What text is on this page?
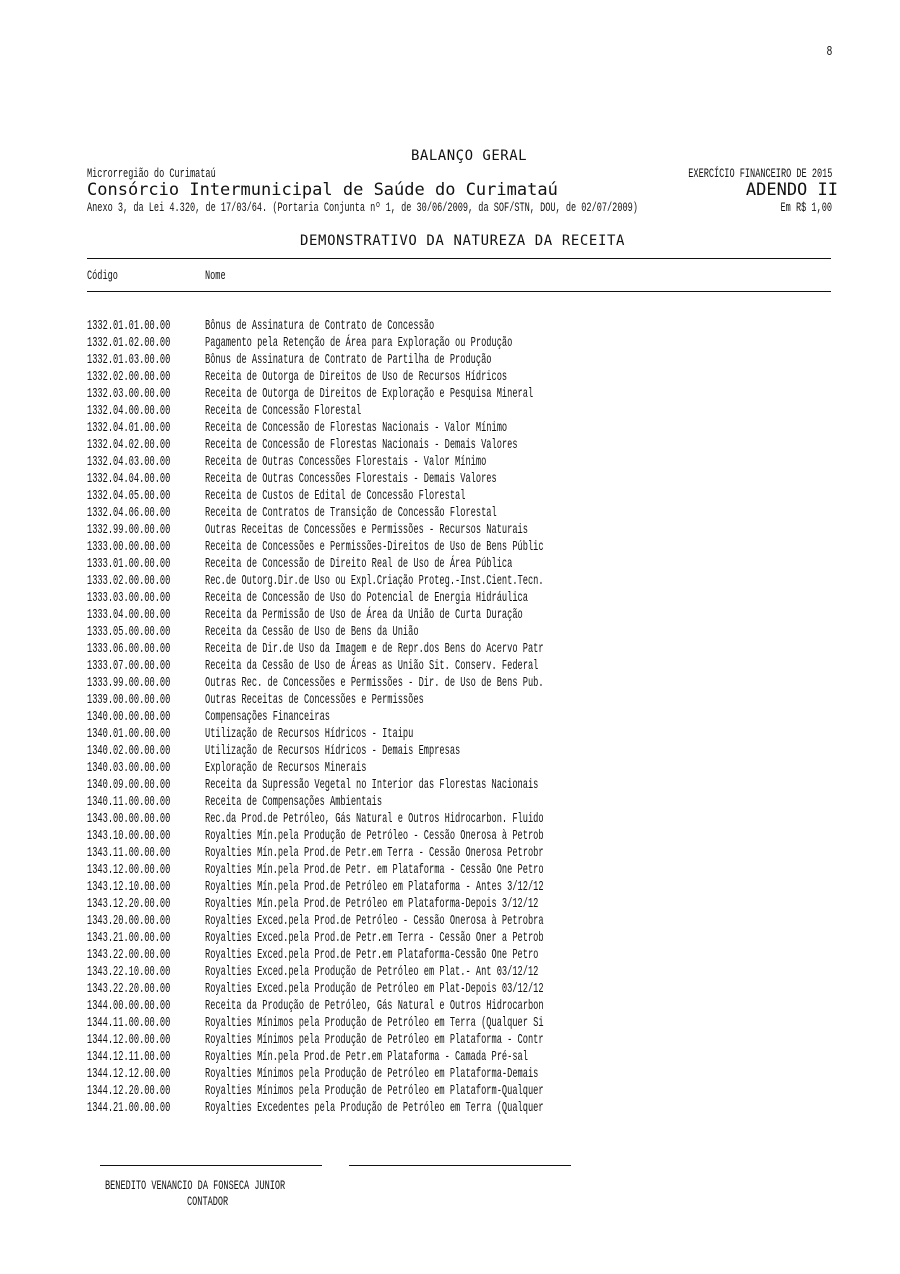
8
BALANÇO GERAL
Microrregião do Curimataú	EXERCÍCIO FINANCEIRO DE 2015
Consórcio Intermunicipal de Saúde do Curimataú	ADENDO II
Anexo 3, da Lei 4.320, de 17/03/64. (Portaria Conjunta nº 1, de 30/06/2009, da SOF/STN, DOU, de 02/07/2009)	Em R$ 1,00
DEMONSTRATIVO DA NATUREZA DA RECEITA
Código	Nome
1332.01.01.00.00 Bônus de Assinatura de Contrato de Concessão
1332.01.02.00.00 Pagamento pela Retenção de Área para Exploração ou Produção
1332.01.03.00.00 Bônus de Assinatura de Contrato de Partilha de Produção
1332.02.00.00.00 Receita de Outorga de Direitos de Uso de Recursos Hídricos
1332.03.00.00.00 Receita de Outorga de Direitos de Exploração e Pesquisa Mineral
1332.04.00.00.00 Receita de Concessão Florestal
1332.04.01.00.00 Receita de Concessão de Florestas Nacionais - Valor Mínimo
1332.04.02.00.00 Receita de Concessão de Florestas Nacionais - Demais Valores
1332.04.03.00.00 Receita de Outras Concessões Florestais - Valor Mínimo
1332.04.04.00.00 Receita de Outras Concessões Florestais - Demais Valores
1332.04.05.00.00 Receita de Custos de Edital de Concessão Florestal
1332.04.06.00.00 Receita de Contratos de Transição de Concessão Florestal
1332.99.00.00.00 Outras Receitas de Concessões e Permissões - Recursos Naturais
1333.00.00.00.00 Receita de Concessões e Permissões-Direitos de Uso de Bens Públic
1333.01.00.00.00 Receita de Concessão de Direito Real de Uso de Área Pública
1333.02.00.00.00 Rec.de Outorg.Dir.de Uso ou Expl.Criação Proteg.-Inst.Cient.Tecn.
1333.03.00.00.00 Receita de Concessão de Uso do Potencial de Energia Hidráulica
1333.04.00.00.00 Receita da Permissão de Uso de Área da União de Curta Duração
1333.05.00.00.00 Receita da Cessão de Uso de Bens da União
1333.06.00.00.00 Receita de Dir.de Uso da Imagem e de Repr.dos Bens do Acervo Patr
1333.07.00.00.00 Receita da Cessão de Uso de Áreas as União Sit. Conserv. Federal
1333.99.00.00.00 Outras Rec. de Concessões e Permissões - Dir. de Uso de Bens Pub.
1339.00.00.00.00 Outras Receitas de Concessões e Permissões
1340.00.00.00.00 Compensações Financeiras
1340.01.00.00.00 Utilização de Recursos Hídricos - Itaipu
1340.02.00.00.00 Utilização de Recursos Hídricos - Demais Empresas
1340.03.00.00.00 Exploração de Recursos Minerais
1340.09.00.00.00 Receita da Supressão Vegetal no Interior das Florestas Nacionais
1340.11.00.00.00 Receita de Compensações Ambientais
1343.00.00.00.00 Rec.da Prod.de Petróleo, Gás Natural e Outros Hidrocarbon. Fluido
1343.10.00.00.00 Royalties Mín.pela Produção de Petróleo - Cessão Onerosa à Petrob
1343.11.00.00.00 Royalties Mín.pela Prod.de Petr.em Terra - Cessão Onerosa Petrobr
1343.12.00.00.00 Royalties Mín.pela Prod.de Petr. em Plataforma - Cessão One Petro
1343.12.10.00.00 Royalties Mín.pela Prod.de Petróleo em Plataforma - Antes 3/12/12
1343.12.20.00.00 Royalties Mín.pela Prod.de Petróleo em Plataforma-Depois 3/12/12
1343.20.00.00.00 Royalties Exced.pela Prod.de Petróleo - Cessão Onerosa à Petrobra
1343.21.00.00.00 Royalties Exced.pela Prod.de Petr.em Terra - Cessão Oner a Petrob
1343.22.00.00.00 Royalties Exced.pela Prod.de Petr.em Plataforma-Cessão One Petro
1343.22.10.00.00 Royalties Exced.pela Produção de Petróleo em Plat.- Ant 03/12/12
1343.22.20.00.00 Royalties Exced.pela Produção de Petróleo em Plat-Depois 03/12/12
1344.00.00.00.00 Receita da Produção de Petróleo, Gás Natural e Outros Hidrocarbon
1344.11.00.00.00 Royalties Mínimos pela Produção de Petróleo em Terra (Qualquer Si
1344.12.00.00.00 Royalties Mínimos pela Produção de Petróleo em Plataforma - Contr
1344.12.11.00.00 Royalties Mín.pela Prod.de Petr.em Plataforma - Camada Pré-sal
1344.12.12.00.00 Royalties Mínimos pela Produção de Petróleo em Plataforma-Demais
1344.12.20.00.00 Royalties Mínimos pela Produção de Petróleo em Plataform-Qualquer
1344.21.00.00.00 Royalties Excedentes pela Produção de Petróleo em Terra (Qualquer
BENEDITO VENANCIO DA FONSECA JUNIOR
CONTADOR
